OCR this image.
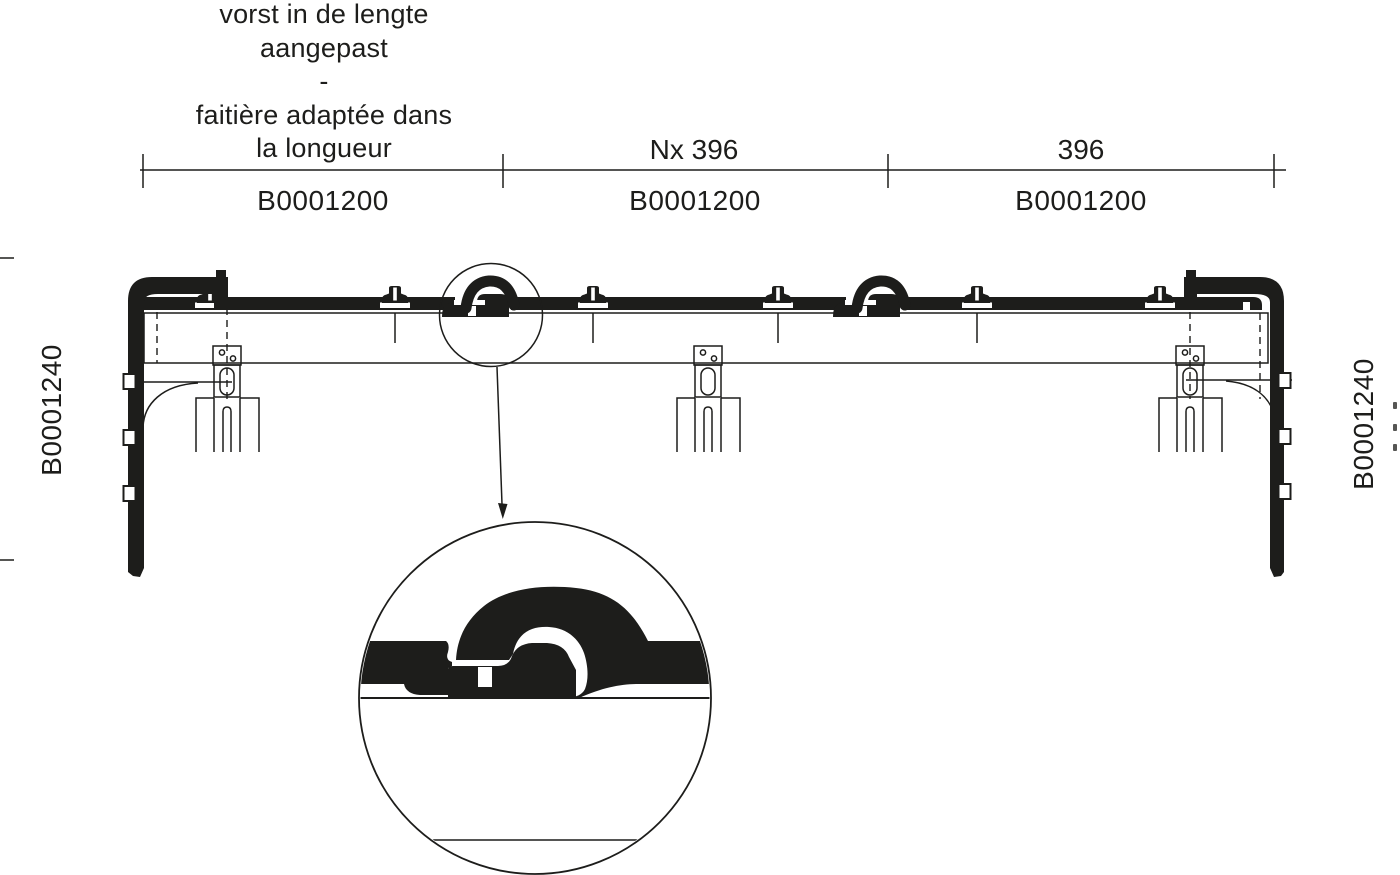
vorst in de lengte
aangepast
-
faitière adaptée dans
la longueur	Nx 396	396
B0001200	B0001200	B0001200
B0001240	B0001240
